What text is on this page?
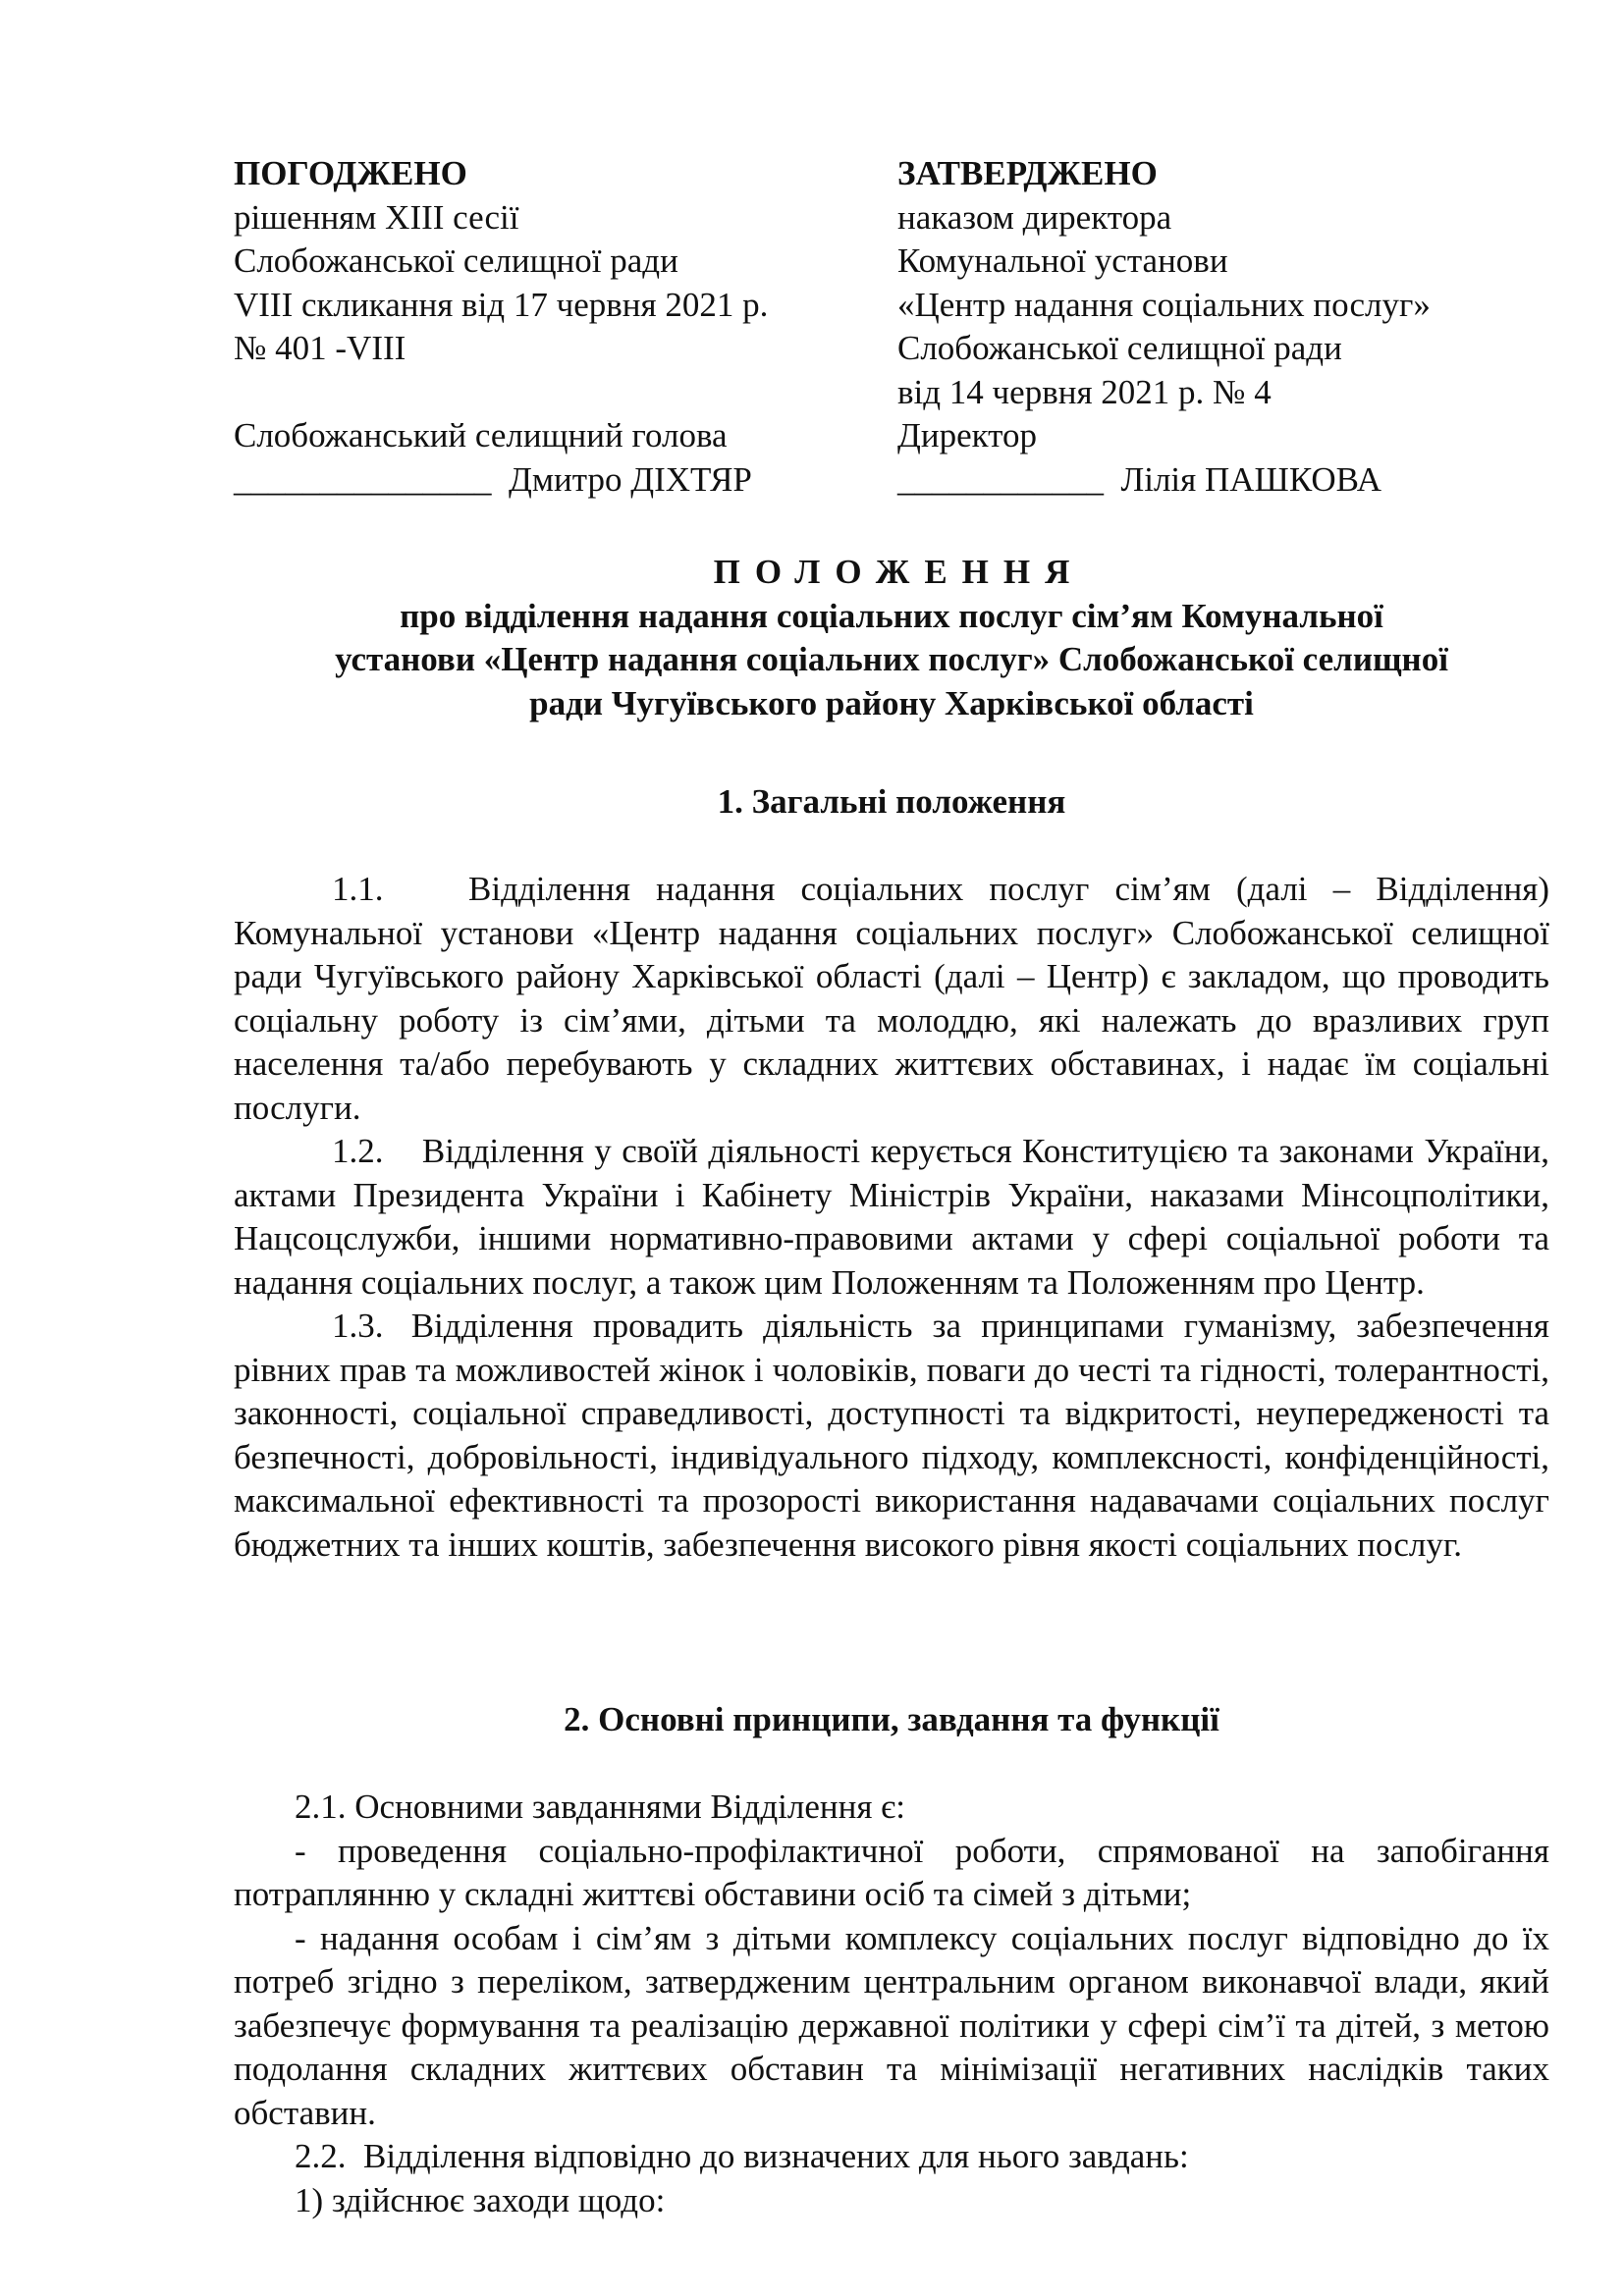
ПОГОДЖЕНО
рішенням XIII сесії
Слобожанської селищної ради
VIII скликання від 17 червня 2021 р.
№ 401 -VIII
Слобожанський селищний голова
_______________  Дмитро ДІХТЯР
ЗАТВЕРДЖЕНО
наказом директора
Комунальної установи
«Центр надання соціальних послуг»
Слобожанської селищної ради
від 14 червня 2021 р. № 4
Директор
____________  Лілія ПАШКОВА
ПОЛОЖЕННЯ
про відділення надання соціальних послуг сім’ям Комунальної
установи «Центр надання соціальних послуг» Слобожанської селищної
ради Чугуївського району Харківської області
1. Загальні положення

1.1. Відділення надання соціальних послуг сім’ям (далі – Відділення) Комунальної установи «Центр надання соціальних послуг» Слобожанської селищної ради Чугуївського району Харківської області (далі – Центр) є закладом, що проводить соціальну роботу із сім’ями, дітьми та молоддю, які належать до вразливих груп населення та/або перебувають у складних життєвих обставинах, і надає їм соціальні послуги.

1.2. Відділення у своїй діяльності керується Конституцією та законами України, актами Президента України і Кабінету Міністрів України, наказами Мінсоцполітики, Нацсоцслужби, іншими нормативно-правовими актами у сфері соціальної роботи та надання соціальних послуг, а також цим Положенням та Положенням про Центр.

1.3. Відділення провадить діяльність за принципами гуманізму, забезпечення рівних прав та можливостей жінок і чоловіків, поваги до честі та гідності, толерантності, законності, соціальної справедливості, доступності та відкритості, неупередженості та безпечності, добровільності, індивідуального підходу, комплексності, конфіденційності, максимальної ефективності та прозорості використання надавачами соціальних послуг бюджетних та інших коштів, забезпечення високого рівня якості соціальних послуг.

2. Основні принципи, завдання та функції

2.1. Основними завданнями Відділення є:

- проведення соціально-профілактичної роботи, спрямованої на запобігання потраплянню у складні життєві обставини осіб та сімей з дітьми;

- надання особам і сім’ям з дітьми комплексу соціальних послуг відповідно до їх потреб згідно з переліком, затвердженим центральним органом виконавчої влади, який забезпечує формування та реалізацію державної політики у сфері сім’ї та дітей, з метою подолання складних життєвих обставин та мінімізації негативних наслідків таких обставин.

2.2. Відділення відповідно до визначених для нього завдань:

1) здійснює заходи щодо:
